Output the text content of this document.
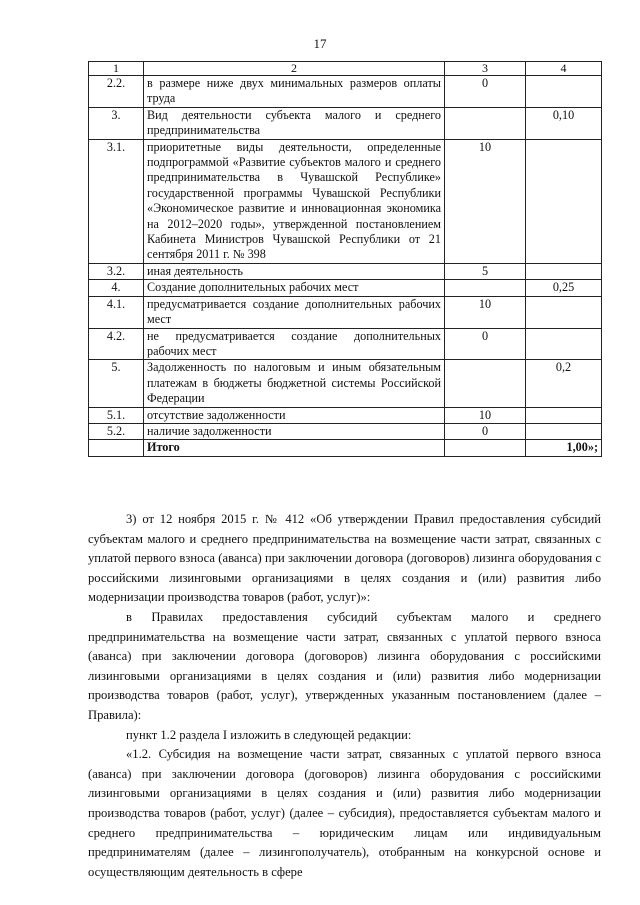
17
1	2	3	4
2.2.	в размере ниже двух минимальных размеров оплаты труда	0	
3.	Вид деятельности субъекта малого и среднего предпринимательства		0,10
3.1.	приоритетные виды деятельности, определенные подпрограммой «Развитие субъектов малого и среднего предпринимательства в Чувашской Республике» государственной программы Чувашской Республики «Экономическое развитие и инновационная экономика на 2012–2020 годы», утвержденной постановлением Кабинета Министров Чувашской Республики от 21 сентября 2011 г. № 398	10	
3.2.	иная деятельность	5	
4.	Создание дополнительных рабочих мест		0,25
4.1.	предусматривается создание дополнительных рабочих мест	10	
4.2.	не предусматривается создание дополнительных рабочих мест	0	
5.	Задолженность по налоговым и иным обязательным платежам в бюджеты бюджетной системы Российской Федерации		0,2
5.1.	отсутствие задолженности	10	
5.2.	наличие задолженности	0	
	Итого		1,00»;

3) от 12 ноября 2015 г. № 412 «Об утверждении Правил предоставления субсидий субъектам малого и среднего предпринимательства на возмещение части затрат, связанных с уплатой первого взноса (аванса) при заключении договора (договоров) лизинга оборудования с российскими лизинговыми организациями в целях создания и (или) развития либо модернизации производства товаров (работ, услуг)»:

в Правилах предоставления субсидий субъектам малого и среднего предпринимательства на возмещение части затрат, связанных с уплатой первого взноса (аванса) при заключении договора (договоров) лизинга оборудования с российскими лизинговыми организациями в целях создания и (или) развития либо модернизации производства товаров (работ, услуг), утвержденных указанным постановлением (далее – Правила):

пункт 1.2 раздела I изложить в следующей редакции:

«1.2. Субсидия на возмещение части затрат, связанных с уплатой первого взноса (аванса) при заключении договора (договоров) лизинга оборудования с российскими лизинговыми организациями в целях создания и (или) развития либо модернизации производства товаров (работ, услуг) (далее – субсидия), предоставляется субъектам малого и среднего предпринимательства – юридическим лицам или индивидуальным предпринимателям (далее – лизингополучатель), отобранным на конкурсной основе и осуществляющим деятельность в сфере
